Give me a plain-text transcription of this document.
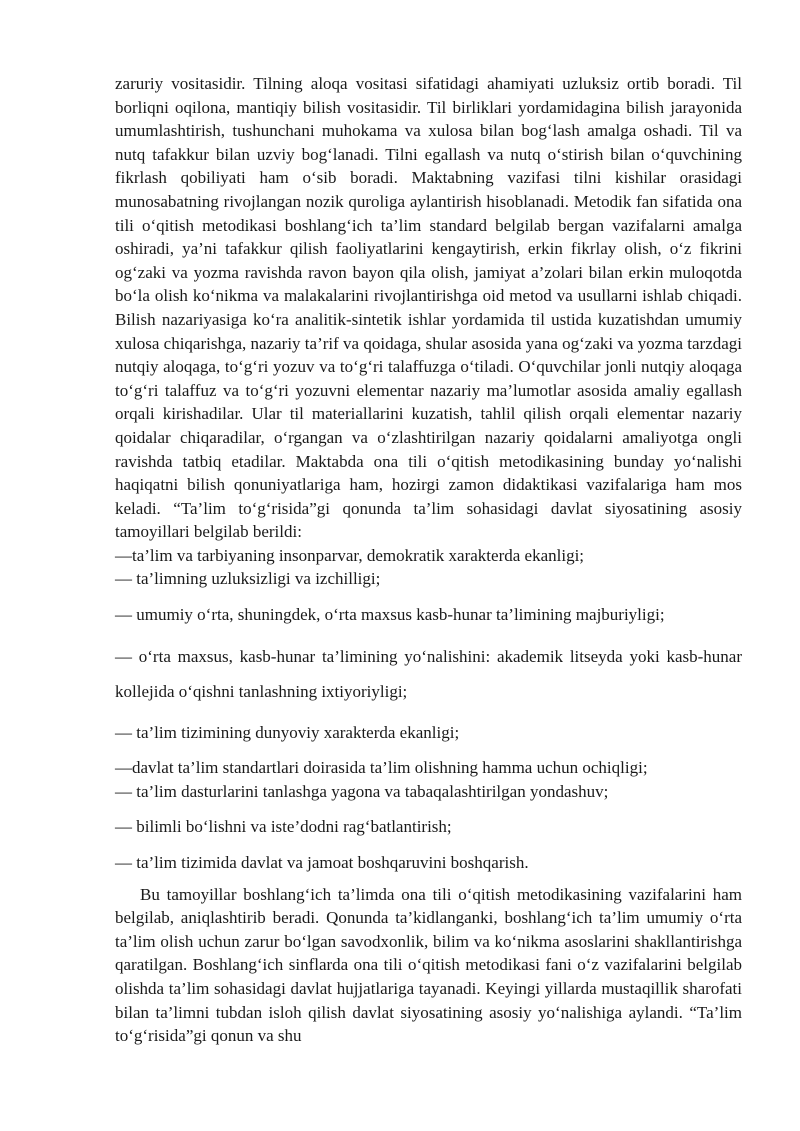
zaruriy vositasidir. Tilning aloqa vositasi sifatidagi ahamiyati uzluksiz ortib boradi. Til borliqni oqilona, mantiqiy bilish vositasidir. Til birliklari yordamidagina bilish jarayonida umumlashtirish, tushunchani muhokama va xulosa bilan bog‘lash amalga oshadi. Til va nutq tafakkur bilan uzviy bog‘lanadi. Tilni egallash va nutq o‘stirish bilan o‘quvchining fikrlash qobiliyati ham o‘sib boradi. Maktabning vazifasi tilni kishilar orasidagi munosabatning rivojlangan nozik quroliga aylantirish hisoblanadi. Metodik fan sifatida ona tili o‘qitish metodikasi boshlang‘ich ta’lim standard belgilab bergan vazifalarni amalga oshiradi, ya’ni tafakkur qilish faoliyatlarini kengaytirish, erkin fikrlay olish, o‘z fikrini og‘zaki va yozma ravishda ravon bayon qila olish, jamiyat a’zolari bilan erkin muloqotda bo‘la olish ko‘nikma va malakalarini rivojlantirishga oid metod va usullarni ishlab chiqadi. Bilish nazariyasiga ko‘ra analitik-sintetik ishlar yordamida til ustida kuzatishdan umumiy xulosa chiqarishga, nazariy ta’rif va qoidaga, shular asosida yana og‘zaki va yozma tarzdagi nutqiy aloqaga, to‘g‘ri yozuv va to‘g‘ri talaffuzga o‘tiladi. O‘quvchilar jonli nutqiy aloqaga to‘g‘ri talaffuz va to‘g‘ri yozuvni elementar nazariy ma’lumotlar asosida amaliy egallash orqali kirishadilar. Ular til materiallarini kuzatish, tahlil qilish orqali elementar nazariy qoidalar chiqaradilar, o‘rgangan va o‘zlashtirilgan nazariy qoidalarni amaliyotga ongli ravishda tatbiq etadilar. Maktabda ona tili o‘qitish metodikasining bunday yo‘nalishi haqiqatni bilish qonuniyatlariga ham, hozirgi zamon didaktikasi vazifalariga ham mos keladi. “Ta’lim to‘g‘risida”gi qonunda ta’lim sohasidagi davlat siyosatining asosiy tamoyillari belgilab berildi:

—ta’lim va tarbiyaning insonparvar, demokratik xarakterda ekanligi;

— ta’limning uzluksizligi va izchilligi;

— umumiy o‘rta, shuningdek, o‘rta maxsus kasb-hunar ta’limining majburiyligi;

— o‘rta maxsus, kasb-hunar ta’limining yo‘nalishini: akademik litseyda yoki kasb-hunar kollejida o‘qishni tanlashning ixtiyoriyligi;

— ta’lim tizimining dunyoviy xarakterda ekanligi;

—davlat ta’lim standartlari doirasida ta’lim olishning hamma uchun ochiqligi;

— ta’lim dasturlarini tanlashga yagona va tabaqalashtirilgan yondashuv;

— bilimli bo‘lishni va iste’dodni rag‘batlantirish;

— ta’lim tizimida davlat va jamoat boshqaruvini boshqarish.

Bu tamoyillar boshlang‘ich ta’limda ona tili o‘qitish metodikasining vazifalarini ham belgilab, aniqlashtirib beradi. Qonunda ta’kidlanganki, boshlang‘ich ta’lim umumiy o‘rta ta’lim olish uchun zarur bo‘lgan savodxonlik, bilim va ko‘nikma asoslarini shakllantirishga qaratilgan. Boshlang‘ich sinflarda ona tili o‘qitish metodikasi fani o‘z vazifalarini belgilab olishda ta’lim sohasidagi davlat hujjatlariga tayanadi. Keyingi yillarda mustaqillik sharofati bilan ta’limni tubdan isloh qilish davlat siyosatining asosiy yo‘nalishiga aylandi. “Ta’lim to‘g‘risida”gi qonun va shu
